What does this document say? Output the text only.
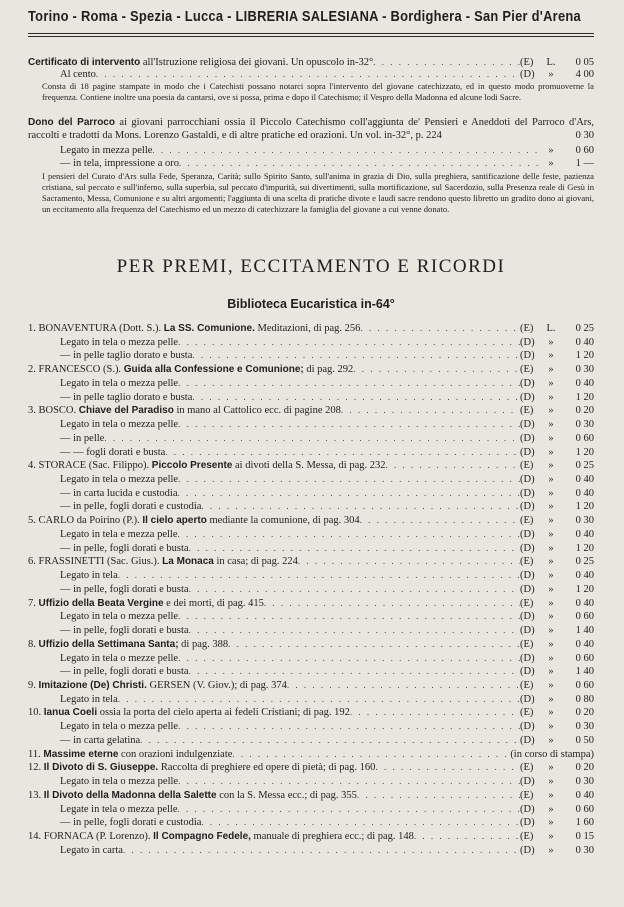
Torino - Roma - Spezia - Lucca - LIBRERIA SALESIANA - Bordighera - San Pier d'Arena
Certificato di intervento all'Istruzione religiosa dei giovani. Un opuscolo in-32° . . .	(E)	L.	0 05
Al cento . . .	(D)	»	4 00
Consta di 18 pagine stampate in modo che i Catechisti possano notarci sopra l'intervento del giovane catechizzato, ed in questo modo promuoverne la frequenza. Contiene inoltre una poesia da cantarsi, ove si possa, prima e dopo il Catechismo; il Vespro della Madonna ed alcune lodi Sacre.
Dono del Parroco ai giovani parrocchiani ossia il Piccolo Catechismo coll'aggiunta de' Pensieri e Aneddoti del Parroco d'Ars, raccolti e tradotti da Mons. Lorenzo Gastaldi, e di altre pratiche ed orazioni. Un vol. in-32°, p. 224	0 30
Legato in mezza pelle . . .	»	0 60
— in tela, impressione a oro . . .	»	1 —
I pensieri del Curato d'Ars sulla Fede, Speranza, Carità; sullo Spirito Santo, sull'anima in grazia di Dio, sulla preghiera, santificazione delle feste, pazienza cristiana, sul peccato e sull'inferno, sulla superbia, sul peccato d'impurità, sui divertimenti, sulla mortificazione, sul Sacerdozio, sulla Presenza reale di Gesù in Sacramento, Messa, Comunione e su altri argomenti; l'aggiunta di una scelta di pratiche divote e laudi sacre rendono questo libretto un gradito dono ai giovani, un eccitamento alla frequenza del Catechismo ed un mezzo di catechizzare la famiglia del giovane a cui venne donato.
PER PREMI, ECCITAMENTO E RICORDI
Biblioteca Eucaristica in-64°
1. BONAVENTURA (Dott. S.). La SS. Comunione. Meditazioni, di pag. 256 . . .	(E)	L.	0 25
Legato in tela o mezza pelle . . .	(D)	»	0 40
— in pelle taglio dorato e busta . . .	(D)	»	1 20
2. FRANCESCO (S.). Guida alla Confessione e Comunione; di pag. 292 . . .	(E)	»	0 30
Legato in tela o mezza pelle . . .	(D)	»	0 40
— in pelle taglio dorato e busta . . .	(D)	»	1 20
3. BOSCO. Chiave del Paradiso in mano al Cattolico ecc. di pagine 208 . . .	(E)	»	0 20
Legato in tela o mezza pelle . . .	(D)	»	0 30
— in pelle . . .	(D)	»	0 60
— — fogli dorati e busta . . .	(D)	»	1 20
4. STORACE (Sac. Filippo). Piccolo Presente ai divoti della S. Messa, di pag. 232 . . .	(E)	»	0 25
Legato in tela o mezza pelle . . .	(D)	»	0 40
— in carta lucida e custodia . . .	(D)	»	0 40
— in pelle, fogli dorati e custodia . . .	(D)	»	1 20
5. CARLO da Poirino (P.). Il cielo aperto mediante la comunione, di pag. 304 . . .	(E)	»	0 30
Legato in tela e mezza pelle . . .	(D)	»	0 40
— in pelle, fogli dorati e busta . . .	(D)	»	1 20
6. FRASSINETTI (Sac. Gius.). La Monaca in casa; di pag. 224 . . .	(E)	»	0 25
Legato in tela . . .	(D)	»	0 40
— in pelle, fogli dorati e busta . . .	(D)	»	1 20
7. Uffizio della Beata Vergine e dei morti, di pag. 415 . . .	(E)	»	0 40
Legato in tela o mezza pelle . . .	(D)	»	0 60
— in pelle, fogli dorati e busta . . .	(D)	»	1 40
8. Uffizio della Settimana Santa; di pag. 388 . . .	(E)	»	0 40
Legato in tela o mezze pelle . . .	(D)	»	0 60
— in pelle, fogli dorati e busta . . .	(D)	»	1 40
9. Imitazione (De) Christi. GERSEN (V. Giov.); di pag. 374 . . .	(E)	»	0 60
Legato in tela . . .	(D)	»	0 80
10. Ianua Coeli ossia la porta del cielo aperta ai fedeli Cristiani; di pag. 192 . . .	(E)	»	0 20
Legato in tela o mezza pelle . . .	(D)	»	0 30
— in carta gelatina . . .	(D)	»	0 50
11. Massime eterne con orazioni indulgenziate . . .	(in corso di stampa)
12. Il Divoto di S. Giuseppe. Raccolta di preghiere ed opere di pietà; di pag. 160 . . .	(E)	»	0 20
Legato in tela o mezza pelle . . .	(D)	»	0 30
13. Il Divoto della Madonna della Salette con la S. Messa ecc.; di pag. 355 . . .	(E)	»	0 40
Legate in tela o mezza pelle . . .	(D)	»	0 60
— in pelle, fogli dorati e custodia . . .	(D)	»	1 60
14. FORNACA (P. Lorenzo). Il Compagno Fedele, manuale di preghiera ecc.; di pag. 148 . . .	(E)	»	0 15
Legato in carta . . .	(D)	»	0 30
